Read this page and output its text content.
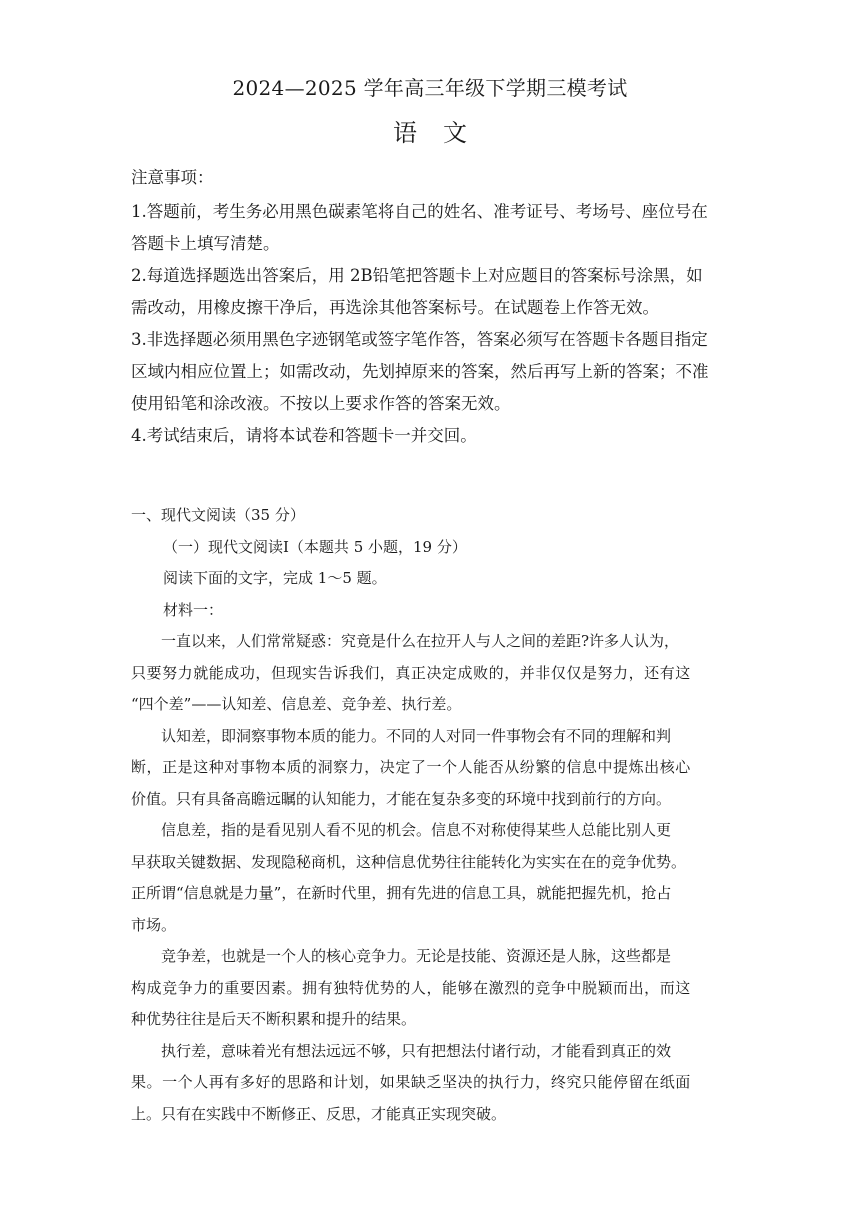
2024—2025 学年高三年级下学期三模考试
语文
注意事项：
1.答题前，考生务必用黑色碳素笔将自己的姓名、准考证号、考场号、座位号在
答题卡上填写清楚。
2.每道选择题选出答案后，用 2B铅笔把答题卡上对应题目的答案标号涂黑，如
需改动，用橡皮擦干净后，再选涂其他答案标号。在试题卷上作答无效。
3.非选择题必须用黑色字迹钢笔或签字笔作答，答案必须写在答题卡各题目指定
区域内相应位置上；如需改动，先划掉原来的答案，然后再写上新的答案；不准
使用铅笔和涂改液。不按以上要求作答的答案无效。
4.考试结束后，请将本试卷和答题卡一并交回。
一、现代文阅读（35 分）
（一）现代文阅读Ⅰ（本题共 5 小题，19 分）
阅读下面的文字，完成 1～5 题。
材料一：
一直以来，人们常常疑惑：究竟是什么在拉开人与人之间的差距?许多人认为，
只要努力就能成功，但现实告诉我们，真正决定成败的，并非仅仅是努力，还有这
“四个差”——认知差、信息差、竞争差、执行差。
认知差，即洞察事物本质的能力。不同的人对同一件事物会有不同的理解和判
断，正是这种对事物本质的洞察力，决定了一个人能否从纷繁的信息中提炼出核心
价值。只有具备高瞻远瞩的认知能力，才能在复杂多变的环境中找到前行的方向。
信息差，指的是看见别人看不见的机会。信息不对称使得某些人总能比别人更
早获取关键数据、发现隐秘商机，这种信息优势往往能转化为实实在在的竞争优势。
正所谓“信息就是力量”，在新时代里，拥有先进的信息工具，就能把握先机，抢占
市场。
竞争差，也就是一个人的核心竞争力。无论是技能、资源还是人脉，这些都是
构成竞争力的重要因素。拥有独特优势的人，能够在激烈的竞争中脱颖而出，而这
种优势往往是后天不断积累和提升的结果。
执行差，意味着光有想法远远不够，只有把想法付诸行动，才能看到真正的效
果。一个人再有多好的思路和计划，如果缺乏坚决的执行力，终究只能停留在纸面
上。只有在实践中不断修正、反思，才能真正实现突破。
